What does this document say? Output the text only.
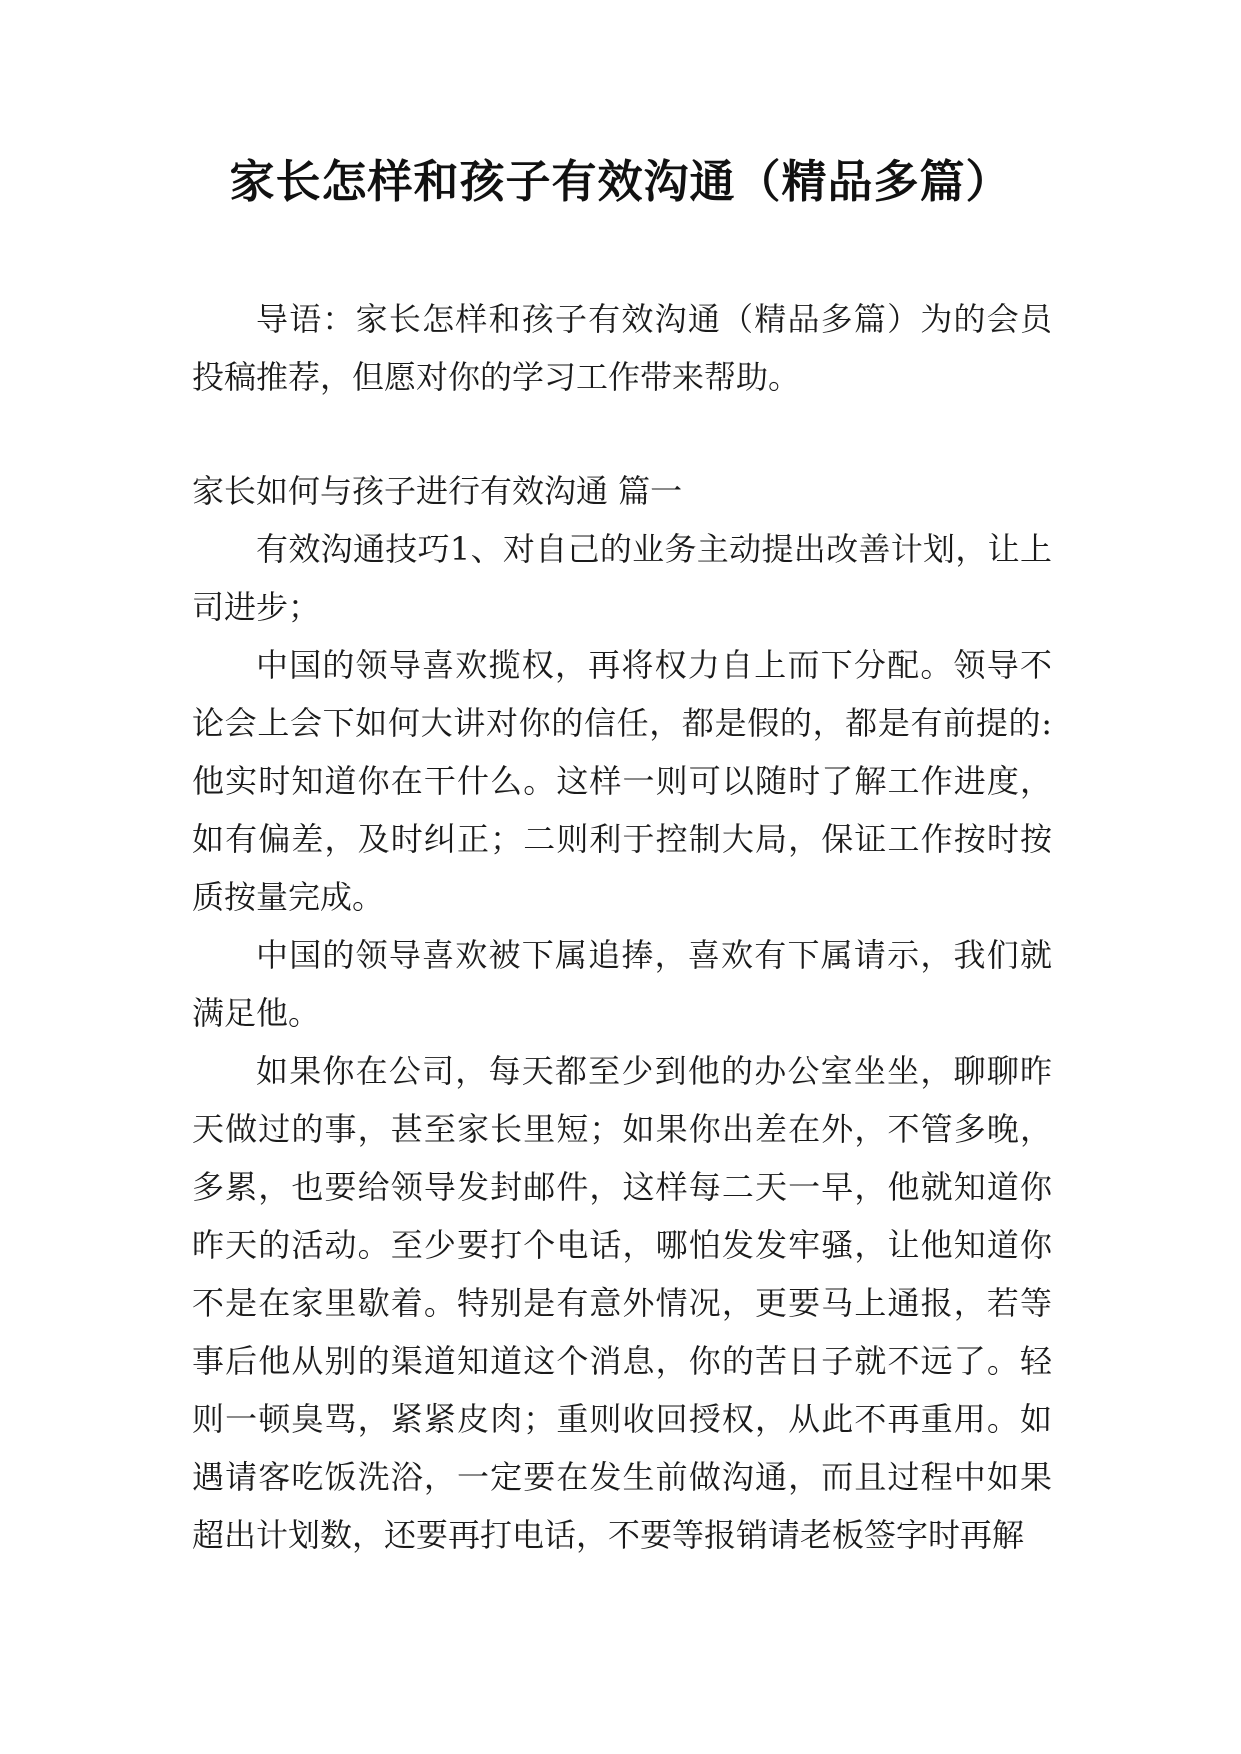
家长怎样和孩子有效沟通（精品多篇）

导语：家长怎样和孩子有效沟通（精品多篇）为的会员投稿推荐，但愿对你的学习工作带来帮助。

家长如何与孩子进行有效沟通 篇一

有效沟通技巧1、对自己的业务主动提出改善计划，让上司进步；

中国的领导喜欢揽权，再将权力自上而下分配。领导不论会上会下如何大讲对你的信任，都是假的，都是有前提的:他实时知道你在干什么。这样一则可以随时了解工作进度，如有偏差，及时纠正；二则利于控制大局，保证工作按时按质按量完成。

中国的领导喜欢被下属追捧，喜欢有下属请示，我们就满足他。

如果你在公司，每天都至少到他的办公室坐坐，聊聊昨天做过的事，甚至家长里短；如果你出差在外，不管多晚，多累，也要给领导发封邮件，这样每二天一早，他就知道你昨天的活动。至少要打个电话，哪怕发发牢骚，让他知道你不是在家里歇着。特别是有意外情况，更要马上通报，若等事后他从别的渠道知道这个消息，你的苦日子就不远了。轻则一顿臭骂，紧紧皮肉；重则收回授权，从此不再重用。如遇请客吃饭洗浴，一定要在发生前做沟通，而且过程中如果超出计划数，还要再打电话，不要等报销请老板签字时再解
